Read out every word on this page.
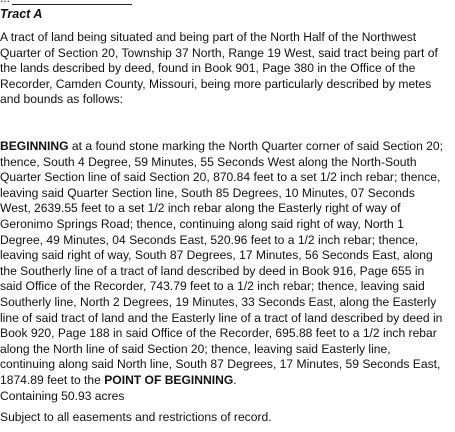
Tract A

A tract of land being situated and being part of the North Half of the Northwest Quarter of Section 20, Township 37 North, Range 19 West, said tract being part of the lands described by deed, found in Book 901, Page 380 in the Office of the Recorder, Camden County, Missouri, being more particularly described by metes and bounds as follows:

BEGINNING at a found stone marking the North Quarter corner of said Section 20; thence, South 4 Degree, 59 Minutes, 55 Seconds West along the North-South Quarter Section line of said Section 20, 870.84 feet to a set 1/2 inch rebar; thence, leaving said Quarter Section line, South 85 Degrees, 10 Minutes, 07 Seconds West, 2639.55 feet to a set 1/2 inch rebar along the Easterly right of way of Geronimo Springs Road; thence, continuing along said right of way, North 1 Degree, 49 Minutes, 04 Seconds East, 520.96 feet to a 1/2 inch rebar; thence, leaving said right of way, South 87 Degrees, 17 Minutes, 56 Seconds East, along the Southerly line of a tract of land described by deed in Book 916, Page 655 in said Office of the Recorder, 743.79 feet to a 1/2 inch rebar; thence, leaving said Southerly line, North 2 Degrees, 19 Minutes, 33 Seconds East, along the Easterly line of said tract of land and the Easterly line of a tract of land described by deed in Book 920, Page 188 in said Office of the Recorder, 695.88 feet to a 1/2 inch rebar along the North line of said Section 20; thence, leaving said Easterly line, continuing along said North line, South 87 Degrees, 17 Minutes, 59 Seconds East, 1874.89 feet to the POINT OF BEGINNING.

Containing 50.93 acres

Subject to all easements and restrictions of record.
